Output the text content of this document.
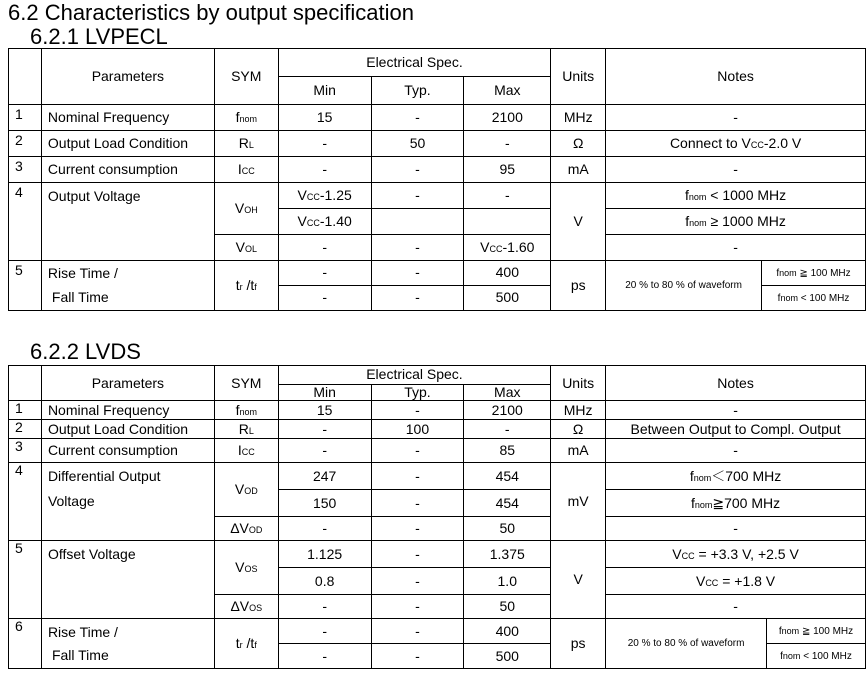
6.2 Characteristics by output specification
6.2.1 LVPECL
	Parameters	SYM	Electrical Spec.			Units	Notes	
			Min	Typ.	Max			
1	Nominal Frequency	fnom	15	-	2100	MHz	-	
2	Output Load Condition	RL	-	50	-	Ω	Connect to VCC-2.0 V	
3	Current consumption	ICC	-	-	95	mA	-	
4	Output Voltage	VOH	VCC-1.25	-	-	V	fnom < 1000 MHz	
			VCC-1.40				fnom ≥ 1000 MHz	
		VOL	-	-	VCC-1.60		-	
5	Rise Time /
Fall Time	tr /tf	-	-	400	ps	20 % to 80 % of waveform	fnom ≧ 100 MHz
			-	-	500			fnom < 100 MHz
6.2.2 LVDS
	Parameters	SYM	Electrical Spec.			Units	Notes	
			Min	Typ.	Max			
1	Nominal Frequency	fnom	15	-	2100	MHz	-	
2	Output Load Condition	RL	-	100	-	Ω	Between Output to Compl. Output	
3	Current consumption	ICC	-	-	85	mA	-	
4	Differential Output
Voltage	VOD	247	-	454	mV	fnom＜700 MHz	
			150	-	454		fnom≧700 MHz	
		ΔVOD	-	-	50		-	
5	Offset Voltage	VOS	1.125	-	1.375	V	VCC = +3.3 V, +2.5 V	
			0.8	-	1.0		VCC = +1.8 V	
		ΔVOS	-	-	50		-	
6	Rise Time /
Fall Time	tr /tf	-	-	400	ps	20 % to 80 % of waveform	fnom ≧ 100 MHz
			-	-	500			fnom < 100 MHz
